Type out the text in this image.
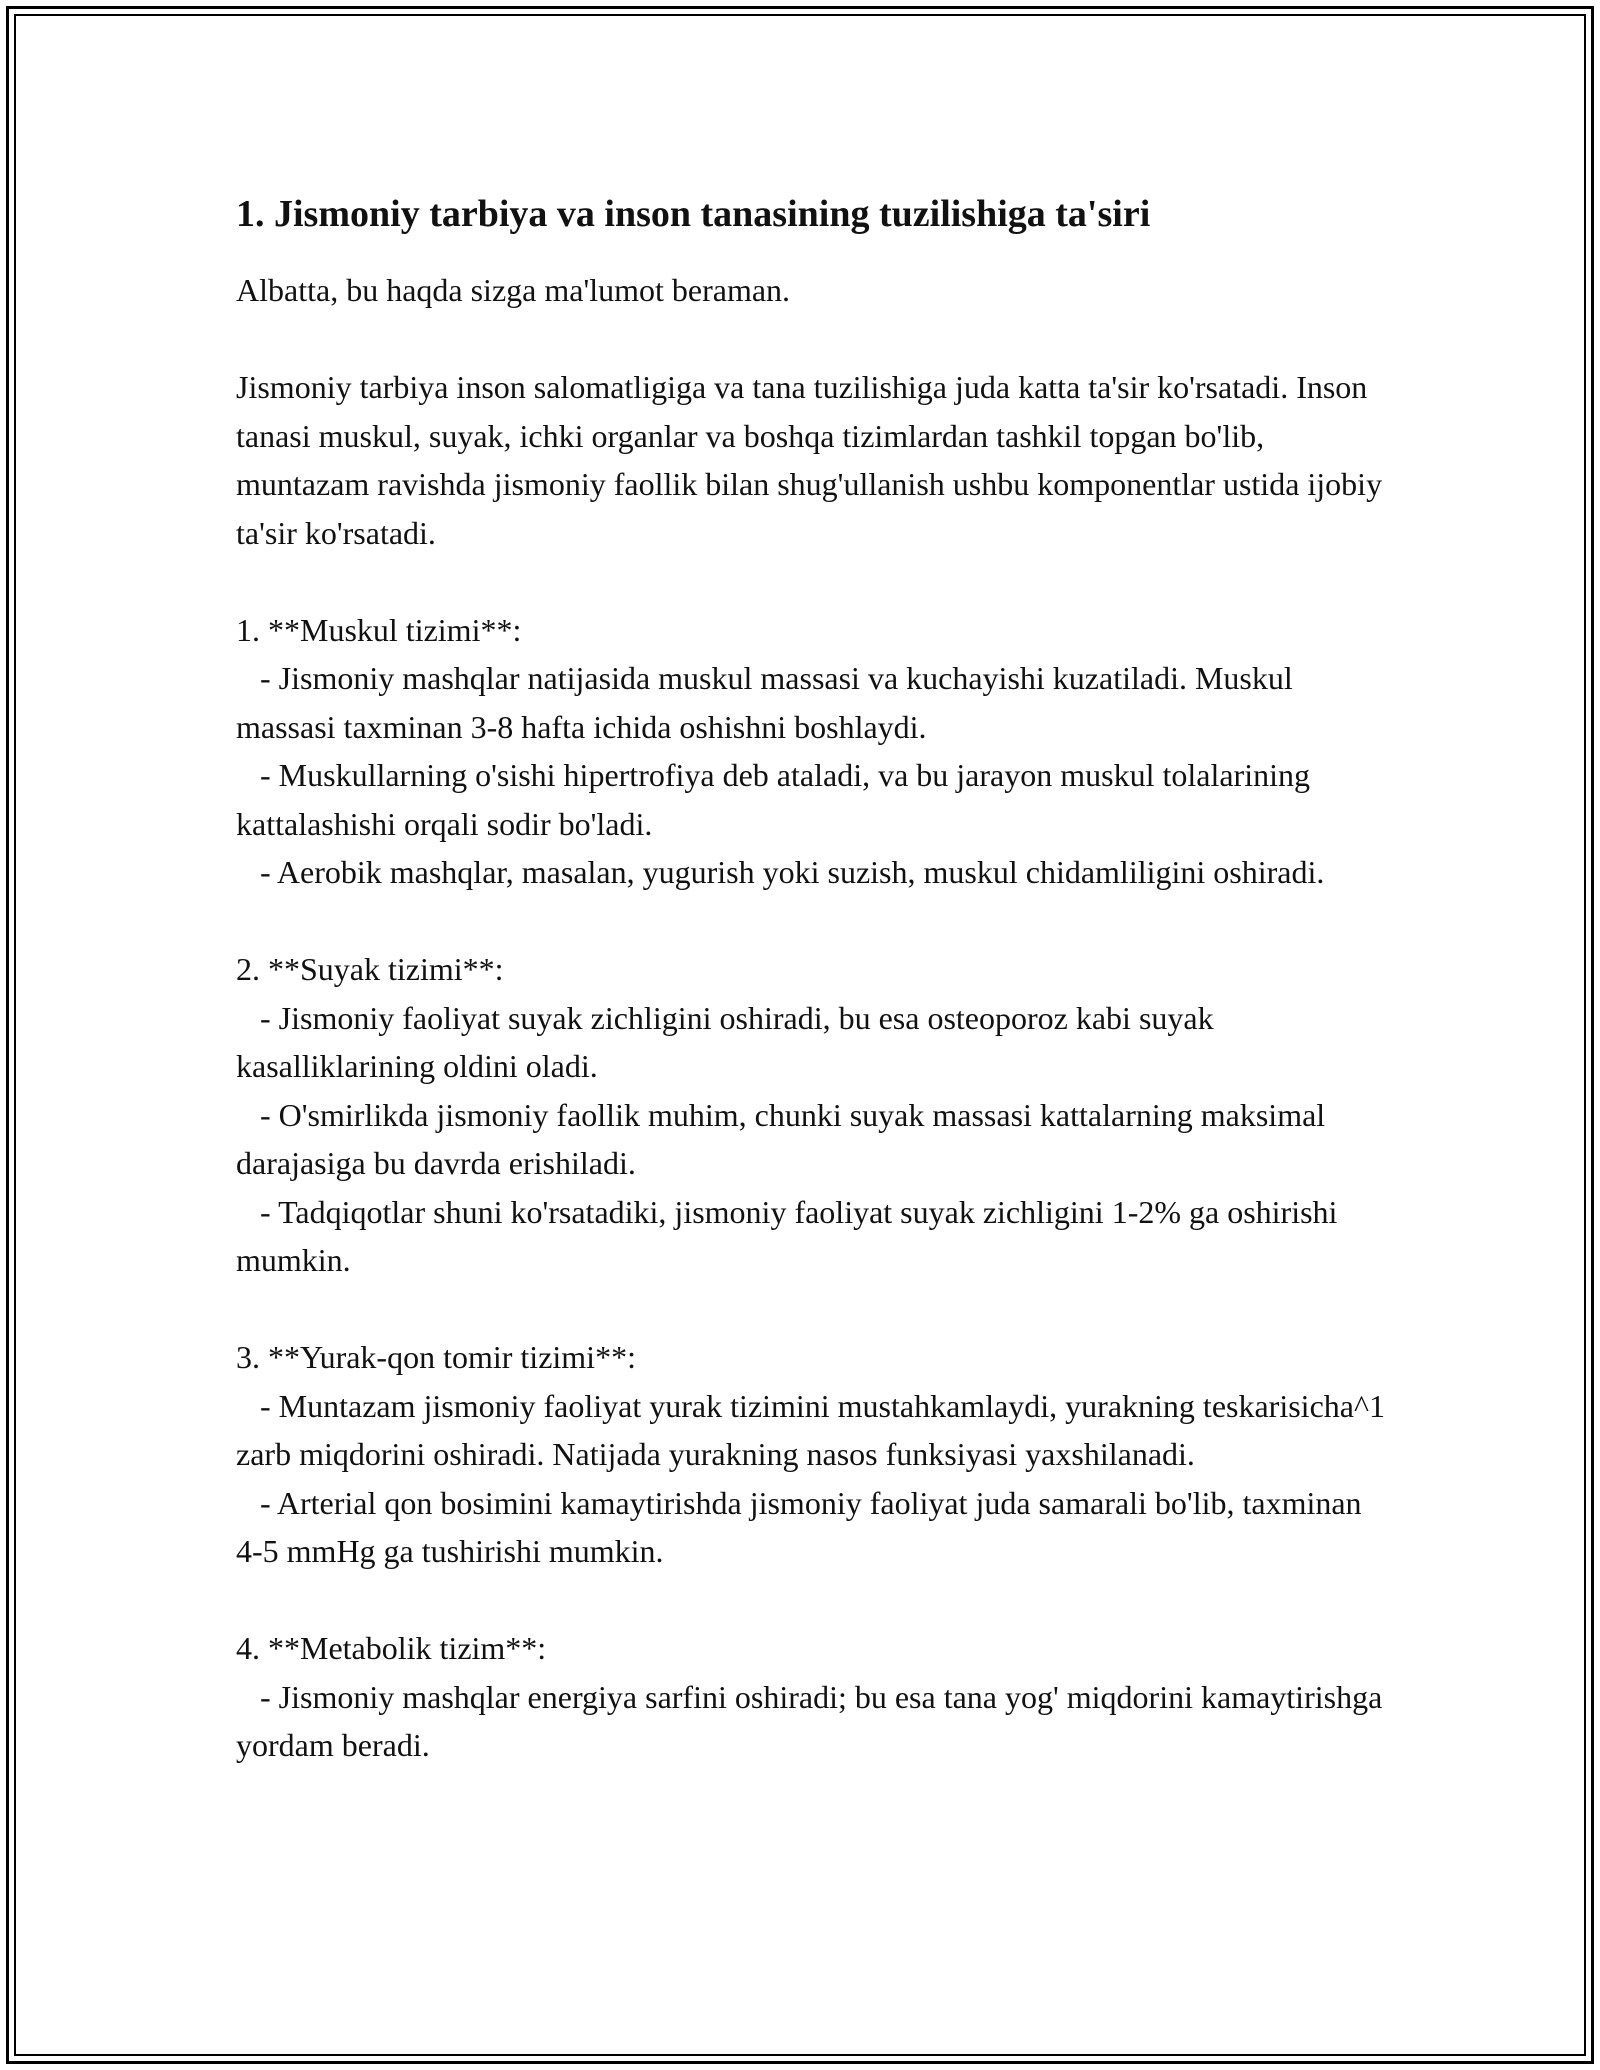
1. Jismoniy tarbiya va inson tanasining tuzilishiga ta'siri

Albatta, bu haqda sizga ma'lumot beraman.

Jismoniy tarbiya inson salomatligiga va tana tuzilishiga juda katta ta'sir ko'rsatadi. Inson tanasi muskul, suyak, ichki organlar va boshqa tizimlardan tashkil topgan bo'lib, muntazam ravishda jismoniy faollik bilan shug'ullanish ushbu komponentlar ustida ijobiy ta'sir ko'rsatadi.

1. **Muskul tizimi**:

- Jismoniy mashqlar natijasida muskul massasi va kuchayishi kuzatiladi. Muskul massasi taxminan 3-8 hafta ichida oshishni boshlaydi.

- Muskullarning o'sishi hipertrofiya deb ataladi, va bu jarayon muskul tolalarining kattalashishi orqali sodir bo'ladi.

- Aerobik mashqlar, masalan, yugurish yoki suzish, muskul chidamliligini oshiradi.

2. **Suyak tizimi**:

- Jismoniy faoliyat suyak zichligini oshiradi, bu esa osteoporoz kabi suyak kasalliklarining oldini oladi.

- O'smirlikda jismoniy faollik muhim, chunki suyak massasi kattalarning maksimal darajasiga bu davrda erishiladi.

- Tadqiqotlar shuni ko'rsatadiki, jismoniy faoliyat suyak zichligini 1-2% ga oshirishi mumkin.

3. **Yurak-qon tomir tizimi**:

- Muntazam jismoniy faoliyat yurak tizimini mustahkamlaydi, yurakning teskarisicha^1 zarb miqdorini oshiradi. Natijada yurakning nasos funksiyasi yaxshilanadi.

- Arterial qon bosimini kamaytirishda jismoniy faoliyat juda samarali bo'lib, taxminan 4-5 mmHg ga tushirishi mumkin.

4. **Metabolik tizim**:

- Jismoniy mashqlar energiya sarfini oshiradi; bu esa tana yog' miqdorini kamaytirishga yordam beradi.
